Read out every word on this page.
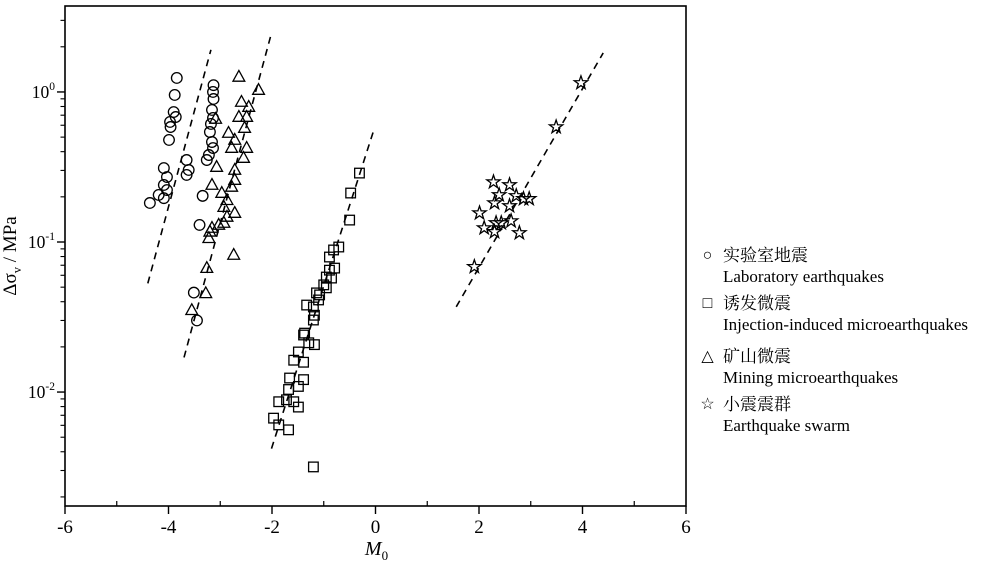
-6	-4	-2	0	2	4	6
$10^0$
$10^{-1}$
$10^{-2}$
$M_0$
$\Delta\sigma_v$ / MPa	○ 实验室地震
Laboratory earthquakes
□ 诱发微震
Injection-induced microearthquakes
△ 矿山微震
Mining microearthquakes
☆ 小震震群
Earthquake swarm
